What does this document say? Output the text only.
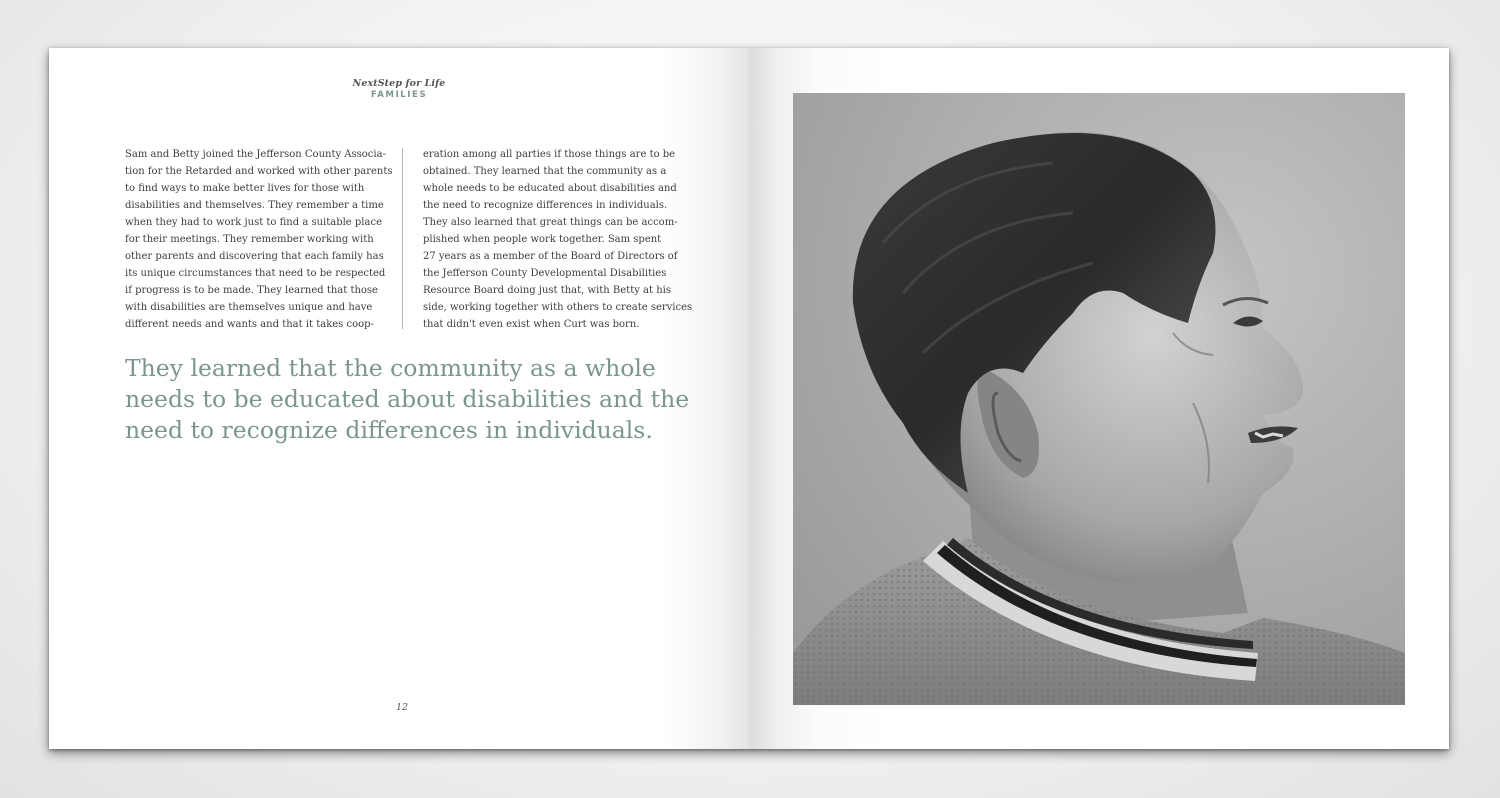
NextStep for Life
FAMILIES
Sam and Betty joined the Jefferson County Associa-
tion for the Retarded and worked with other parents
to find ways to make better lives for those with
disabilities and themselves. They remember a time
when they had to work just to find a suitable place
for their meetings. They remember working with
other parents and discovering that each family has
its unique circumstances that need to be respected
if progress is to be made. They learned that those
with disabilities are themselves unique and have
different needs and wants and that it takes coop-
eration among all parties if those things are to be
obtained. They learned that the community as a
whole needs to be educated about disabilities and
the need to recognize differences in individuals.
They also learned that great things can be accom-
plished when people work together. Sam spent
27 years as a member of the Board of Directors of
the Jefferson County Developmental Disabilities
Resource Board doing just that, with Betty at his
side, working together with others to create services
that didn't even exist when Curt was born.
They learned that the community as a whole
needs to be educated about disabilities and the
need to recognize differences in individuals.
12
